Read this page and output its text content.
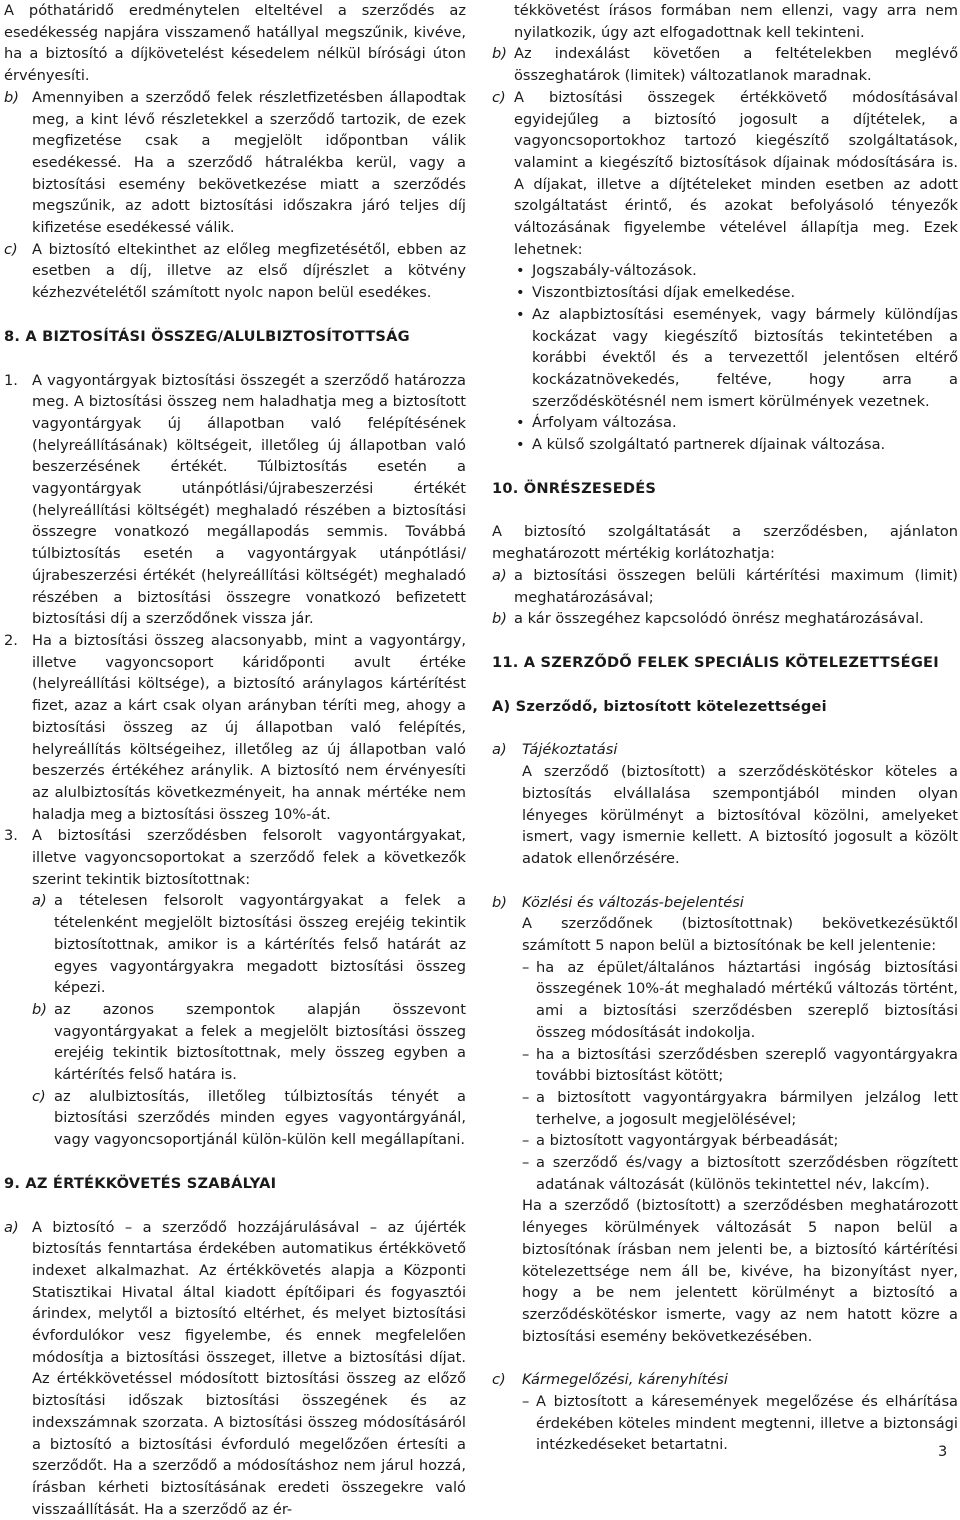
A póthatáridő eredménytelen elteltével a szerződés az esedékesség napjára visszamenő hatállyal megszűnik, kivéve, ha a biztosító a díjkövetelést késedelem nélkül bírósági úton érvényesíti.

b) Amennyiben a szerződő felek részletfizetésben állapodtak meg, a kint lévő részletekkel a szerződő tartozik, de ezek megfizetése csak a megjelölt időpontban válik esedékessé. Ha a szerződő hátralékba kerül, vagy a biztosítási esemény bekövetkezése miatt a szerződés megszűnik, az adott biztosítási időszakra járó teljes díj kifizetése esedékessé válik.

c) A biztosító eltekinthet az előleg megfizetésétől, ebben az esetben a díj, illetve az első díjrészlet a kötvény kézhezvételétől számított nyolc napon belül esedékes.

8. A BIZTOSÍTÁSI ÖSSZEG/ALULBIZTOSÍTOTTSÁG

1. A vagyontárgyak biztosítási összegét a szerződő határozza meg. A biztosítási összeg nem haladhatja meg a biztosított vagyontárgyak új állapotban való felépítésének (helyreállításának) költségeit, illetőleg új állapotban való beszerzésének értékét. Túlbiztosítás esetén a vagyontárgyak utánpótlási/újrabeszerzési értékét (helyreállítási költségét) meghaladó részében a biztosítási összegre vonatkozó megállapodás semmis. Továbbá túlbiztosítás esetén a vagyontárgyak utánpótlási/újrabeszerzési értékét (helyreállítási költségét) meghaladó részében a biztosítási összegre vonatkozó befizetett biztosítási díj a szerződőnek vissza jár.

2. Ha a biztosítási összeg alacsonyabb, mint a vagyontárgy, illetve vagyoncsoport káridőponti avult értéke (helyreállítási költsége), a biztosító aránylagos kártérítést fizet, azaz a kárt csak olyan arányban téríti meg, ahogy a biztosítási összeg az új állapotban való felépítés, helyreállítás költségeihez, illetőleg az új állapotban való beszerzés értékéhez aránylik. A biztosító nem érvényesíti az alulbiztosítás következményeit, ha annak mértéke nem haladja meg a biztosítási összeg 10%-át.

3. A biztosítási szerződésben felsorolt vagyontárgyakat, illetve vagyoncsoportokat a szerződő felek a következők szerint tekintik biztosítottnak:

a) a tételesen felsorolt vagyontárgyakat a felek a tételenként megjelölt biztosítási összeg erejéig tekintik biztosítottnak, amikor is a kártérítés felső határát az egyes vagyontárgyakra megadott biztosítási összeg képezi.

b) az azonos szempontok alapján összevont vagyontárgyakat a felek a megjelölt biztosítási összeg erejéig tekintik biztosítottnak, mely összeg egyben a kártérítés felső határa is.

c) az alulbiztosítás, illetőleg túlbiztosítás tényét a biztosítási szerződés minden egyes vagyontárgyánál, vagy vagyoncsoportjánál külön-külön kell megállapítani.

9. AZ ÉRTÉKKÖVETÉS SZABÁLYAI

a) A biztosító – a szerződő hozzájárulásával – az újérték biztosítás fenntartása érdekében automatikus értékkövető indexet alkalmazhat. Az értékkövetés alapja a Központi Statisztikai Hivatal által kiadott építőipari és fogyasztói árindex, melytől a biztosító eltérhet, és melyet biztosítási évfordulókor vesz figyelembe, és ennek megfelelően módosítja a biztosítási összeget, illetve a biztosítási díjat. Az értékkövetéssel módosított biztosítási összeg az előző biztosítási időszak biztosítási összegének és az indexszámnak szorzata. A biztosítási összeg módosításáról a biztosító a biztosítási évforduló megelőzően értesíti a szerződőt. Ha a szerződő a módosításhoz nem járul hozzá, írásban kérheti biztosításának eredeti összegekre való visszaállítását. Ha a szerződő az ér-

tékkövetést írásos formában nem ellenzi, vagy arra nem nyilatkozik, úgy azt elfogadottnak kell tekinteni.

b) Az indexálást követően a feltételekben meglévő összeghatárok (limitek) változatlanok maradnak.

c) A biztosítási összegek értékkövető módosításával egyidejűleg a biztosító jogosult a díjtételek, a vagyoncsoportokhoz tartozó kiegészítő szolgáltatások, valamint a kiegészítő biztosítások díjainak módosítására is. A díjakat, illetve a díjtételeket minden esetben az adott szolgáltatást érintő, és azokat befolyásoló tényezők változásának figyelembe vételével állapítja meg. Ezek lehetnek:

• Jogszabály-változások.
• Viszontbiztosítási díjak emelkedése.
• Az alapbiztosítási események, vagy bármely különdíjas kockázat vagy kiegészítő biztosítás tekintetében a korábbi évektől és a tervezettől jelentősen eltérő kockázatnövekedés, feltéve, hogy arra a szerződéskötésnél nem ismert körülmények vezetnek.
• Árfolyam változása.
• A külső szolgáltató partnerek díjainak változása.

10. ÖNRÉSZESEDÉS

A biztosító szolgáltatását a szerződésben, ajánlaton meghatározott mértékig korlátozhatja:

a) a biztosítási összegen belüli kártérítési maximum (limit) meghatározásával;

b) a kár összegéhez kapcsolódó önrész meghatározásával.

11. A SZERZŐDŐ FELEK SPECIÁLIS KÖTELEZETTSÉGEI

A) Szerződő, biztosított kötelezettségei

a)	Tájékoztatási

A szerződő (biztosított) a szerződéskötéskor köteles a biztosítás elvállalása szempontjából minden olyan lényeges körülményt a biztosítóval közölni, amelyeket ismert, vagy ismernie kellett. A biztosító jogosult a közölt adatok ellenőrzésére.

b)	Közlési és változás-bejelentési

A szerződőnek (biztosítottnak) bekövetkezésüktől számított 5 napon belül a biztosítónak be kell jelentenie:

– ha az épület/általános háztartási ingóság biztosítási összegének 10%-át meghaladó mértékű változás történt, ami a biztosítási szerződésben szereplő biztosítási összeg módosítását indokolja.
– ha a biztosítási szerződésben szereplő vagyontárgyakra további biztosítást kötött;
– a biztosított vagyontárgyakra bármilyen jelzálog lett terhelve, a jogosult megjelölésével;
– a biztosított vagyontárgyak bérbeadását;
– a szerződő és/vagy a biztosított szerződésben rögzített adatának változását (különös tekintettel név, lakcím).

Ha a szerződő (biztosított) a szerződésben meghatározott lényeges körülmények változását 5 napon belül a biztosítónak írásban nem jelenti be, a biztosító kártérítési kötelezettsége nem áll be, kivéve, ha bizonyítást nyer, hogy a be nem jelentett körülményt a biztosító a szerződéskötéskor ismerte, vagy az nem hatott közre a biztosítási esemény bekövetkezésében.

c)	Kármegelőzési, kárenyhítési

– A biztosított a káresemények megelőzése és elhárítása érdekében köteles mindent megtenni, illetve a biztonsági intézkedéseket betartatni.	3
